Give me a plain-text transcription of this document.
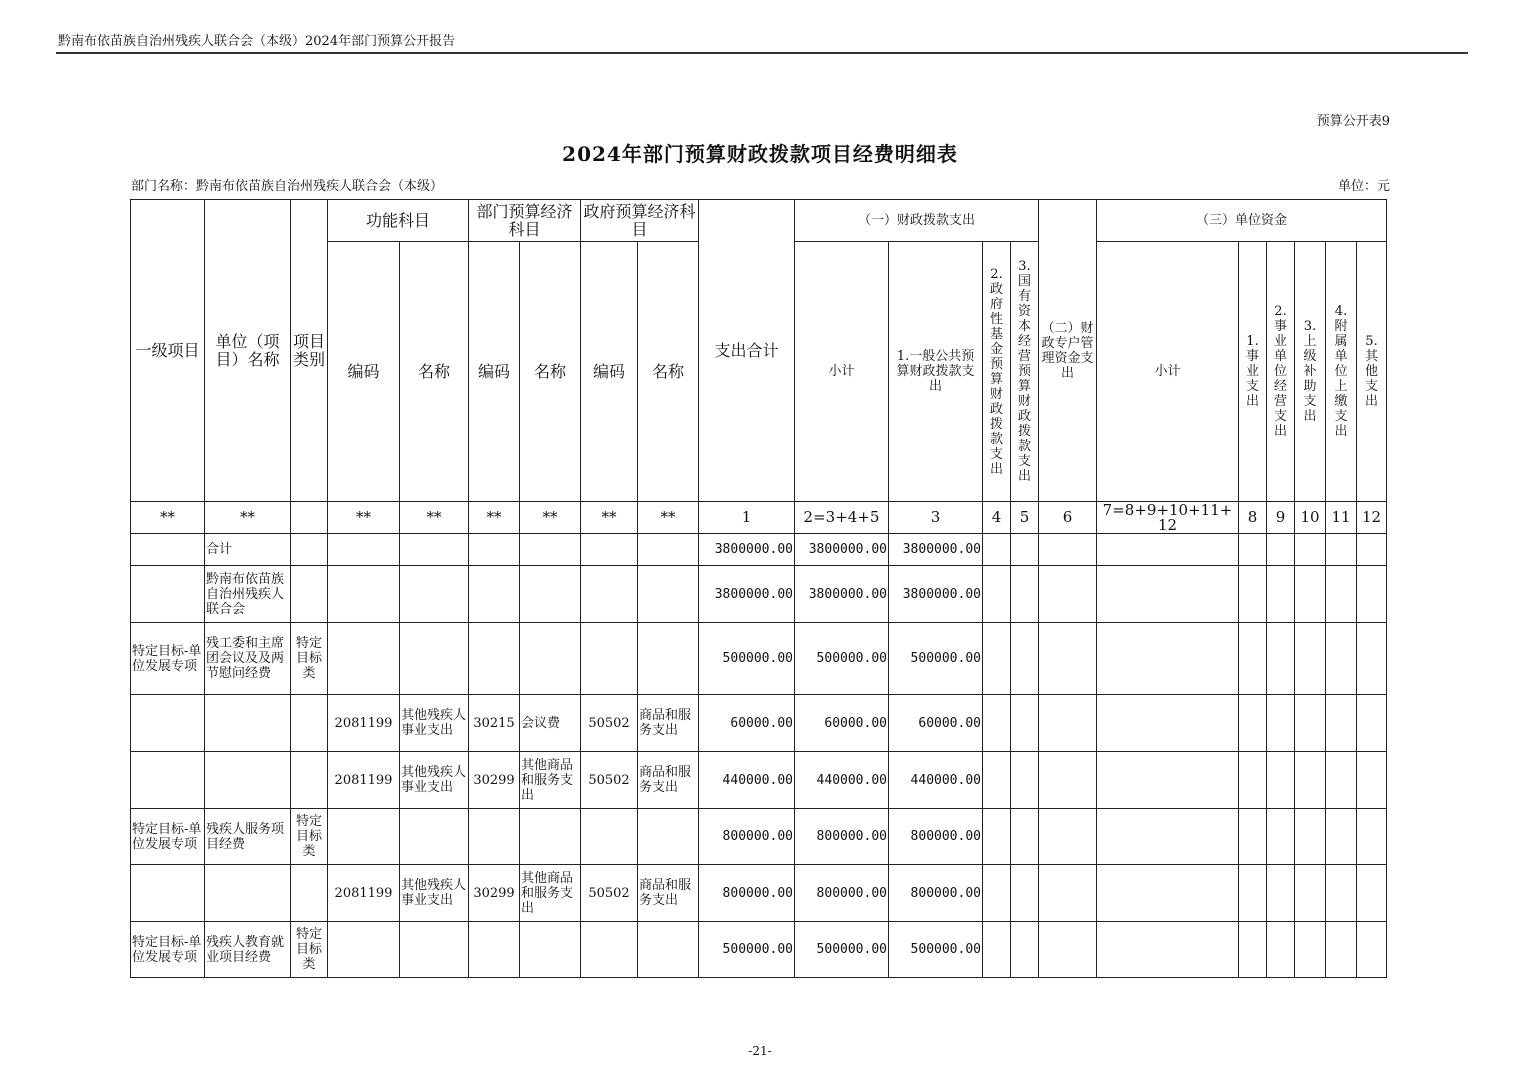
黔南布依苗族自治州残疾人联合会（本级）2024年部门预算公开报告
预算公开表9
2024年部门预算财政拨款项目经费明细表
部门名称：黔南布依苗族自治州残疾人联合会（本级）	单位：元
一级项目	单位（项目）名称	项目类别	功能科目		部门预算经济科目		政府预算经济科目		支出合计	（一）财政拨款支出				（二）财政专户管理资金支出	（三）单位资金					
			编码	名称	编码	名称	编码	名称		小计	1.一般公共预算财政拨款支出	2.政府性基金预算财政拨款支出	3.国有资本经营预算财政拨款支出		小计	1.事业支出	2.事业单位经营支出	3.上级补助支出	4.附属单位上缴支出	5.其他支出
**	**		**	**	**	**	**	**	1	2=3+4+5	3	4	5	6	7=8+9+10+11+12	8	9	10	11	12
	合计								3800000.00	3800000.00	3800000.00									
	黔南布依苗族自治州残疾人联合会								3800000.00	3800000.00	3800000.00									
特定目标-单位发展专项	残工委和主席团会议及及两节慰问经费	特定目标类							500000.00	500000.00	500000.00									
			2081199	其他残疾人事业支出	30215	会议费	50502	商品和服务支出	60000.00	60000.00	60000.00									
			2081199	其他残疾人事业支出	30299	其他商品和服务支出	50502	商品和服务支出	440000.00	440000.00	440000.00									
特定目标-单位发展专项	残疾人服务项目经费	特定目标类							800000.00	800000.00	800000.00									
			2081199	其他残疾人事业支出	30299	其他商品和服务支出	50502	商品和服务支出	800000.00	800000.00	800000.00									
特定目标-单位发展专项	残疾人教育就业项目经费	特定目标类							500000.00	500000.00	500000.00									
-21-
